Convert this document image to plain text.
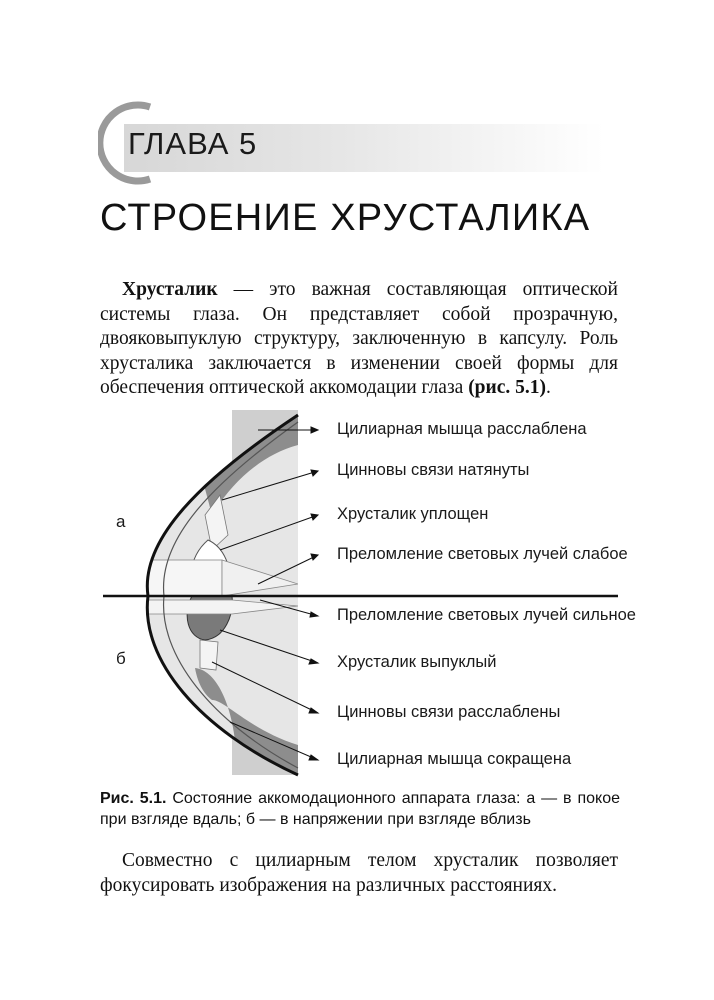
ГЛАВА 5
СТРОЕНИЕ ХРУСТАЛИКА

Хрусталик — это важная составляющая оптической системы глаза. Он представляет собой прозрачную, двояковыпуклую структуру, заключенную в капсулу. Роль хрусталика заключается в изменении своей формы для обеспечения оптической аккомодации глаза (рис. 5.1).

а
б
Цилиарная мышца расслаблена
Цинновы связи натянуты
Хрусталик уплощен
Преломление световых лучей слабое
Преломление световых лучей сильное
Хрусталик выпуклый
Цинновы связи расслаблены
Цилиарная мышца сокращена
Рис. 5.1. Состояние аккомодационного аппарата глаза: а — в покое при взгляде вдаль; б — в напряжении при взгляде вблизь

Совместно с цилиарным телом хрусталик позволяет фокусировать изображения на различных расстояниях.
